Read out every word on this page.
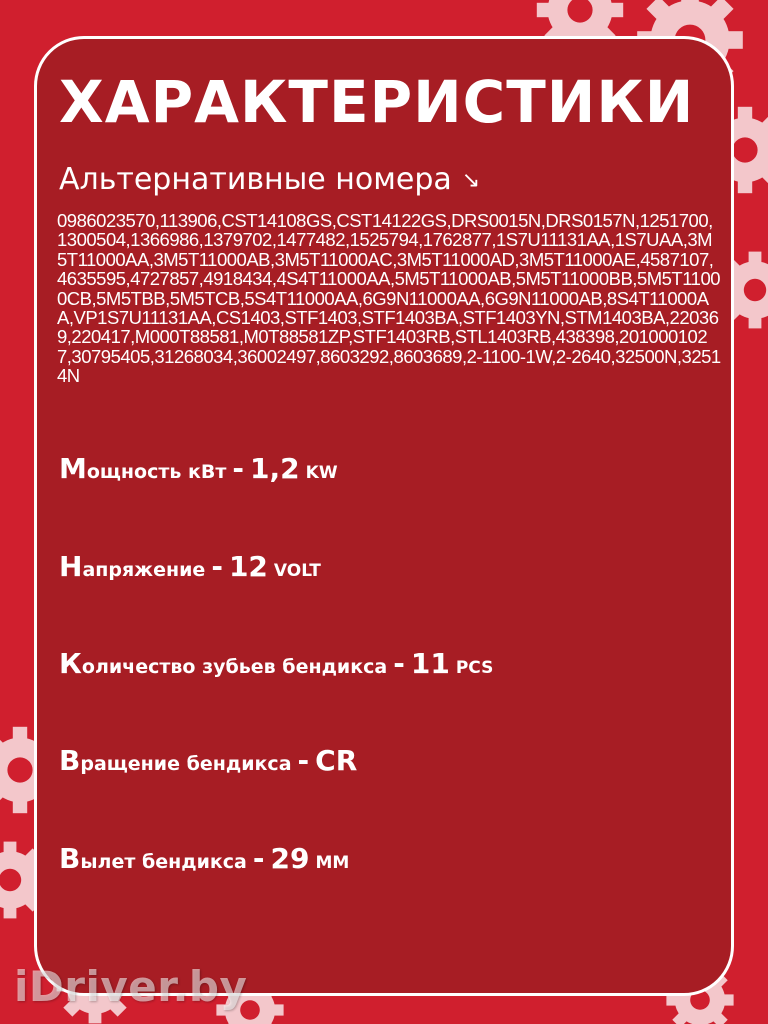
ХАРАКТЕРИСТИКИ
Альтернативные номера ↘

0986023570,113906,CST14108GS,CST14122GS,DRS0015N,DRS0157N,1251700,1300504,1366986,1379702,1477482,1525794,1762877,1S7U11131AA,1S7UAA,3M5T11000AA,3M5T11000AB,3M5T11000AC,3M5T11000AD,3M5T11000AE,4587107,4635595,4727857,4918434,4S4T11000AA,5M5T11000AB,5M5T11000BB,5M5T11000CB,5M5TBB,5M5TCB,5S4T11000AA,6G9N11000AA,6G9N11000AB,8S4T11000AA,VP1S7U11131AA,CS1403,STF1403,STF1403BA,STF1403YN,STM1403BA,220369,220417,M000T88581,M0T88581ZP,STF1403RB,STL1403RB,438398,2010001027,30795405,31268034,36002497,8603292,8603689,2-1100-1W,2-2640,32500N,32514N

Мощность кВт - 1,2 KW
Напряжение - 12 VOLT
Количество зубьев бендикса - 11 PCS
Вращение бендикса - CR
Вылет бендикса - 29 ММ
iDriver.by
